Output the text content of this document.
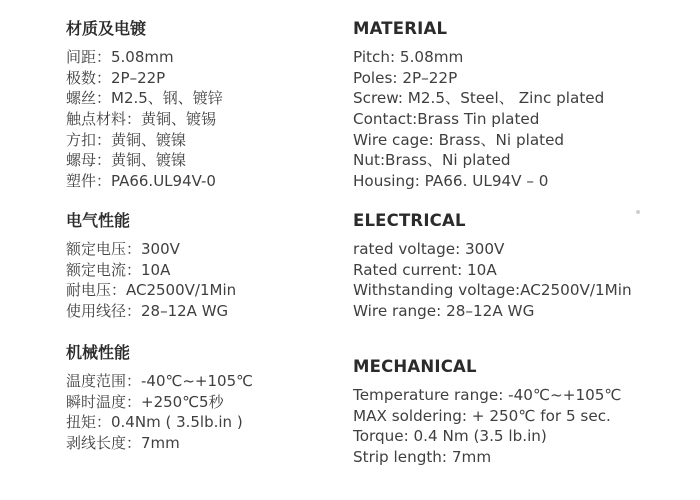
材质及电镀
间距：5.08mm
极数：2P–22P
螺丝：M2.5、钢、镀锌
触点材料：黄铜、镀锡
方扣：黄铜、镀镍
螺母：黄铜、镀镍
塑件：PA66.UL94V-0
电气性能
额定电压：300V
额定电流：10A
耐电压：AC2500V/1Min
使用线径：28–12A WG
机械性能
温度范围：-40℃~+105℃
瞬时温度：+250℃5秒
扭矩：0.4Nm ( 3.5lb.in )
剥线长度：7mm
MATERIAL
Pitch: 5.08mm
Poles: 2P–22P
Screw: M2.5、Steel、 Zinc plated
Contact:Brass Tin plated
Wire cage: Brass、Ni plated
Nut:Brass、Ni plated
Housing: PA66. UL94V – 0
ELECTRICAL
rated voltage: 300V
Rated current: 10A
Withstanding voltage:AC2500V/1Min
Wire range: 28–12A WG
MECHANICAL
Temperature range: -40℃~+105℃
MAX soldering: + 250℃ for 5 sec.
Torque: 0.4 Nm (3.5 lb.in)
Strip length: 7mm
